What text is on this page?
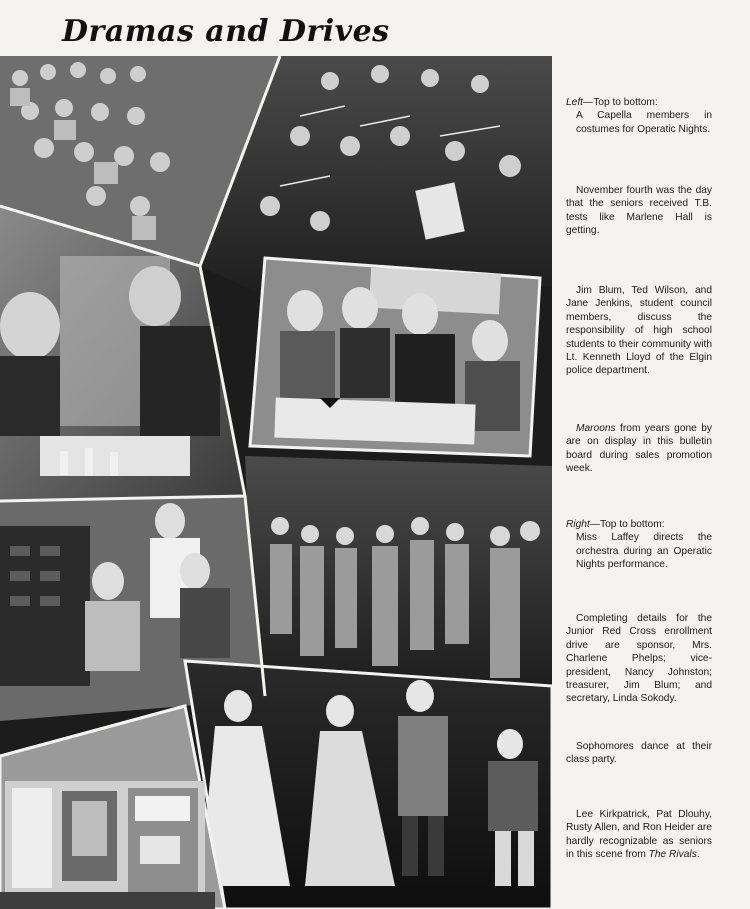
Dramas and Drives

Left—Top to bottom:

A Capella members in costumes for Operatic Nights.

November fourth was the day that the seniors received T.B. tests like Marlene Hall is getting.

Jim Blum, Ted Wilson, and Jane Jenkins, student council members, discuss the responsibility of high school students to their community with Lt. Kenneth Lloyd of the Elgin police department.

Maroons from years gone by are on display in this bulletin board during sales promotion week.

Right—Top to bottom:

Miss Laffey directs the orchestra during an Operatic Nights performance.

Completing details for the Junior Red Cross enrollment drive are sponsor, Mrs. Charlene Phelps; vice-president, Nancy Johnston; treasurer, Jim Blum; and secretary, Linda Sokody.

Sophomores dance at their class party.

Lee Kirkpatrick, Pat Dlouhy, Rusty Allen, and Ron Heider are hardly recognizable as seniors in this scene from The Rivals.
